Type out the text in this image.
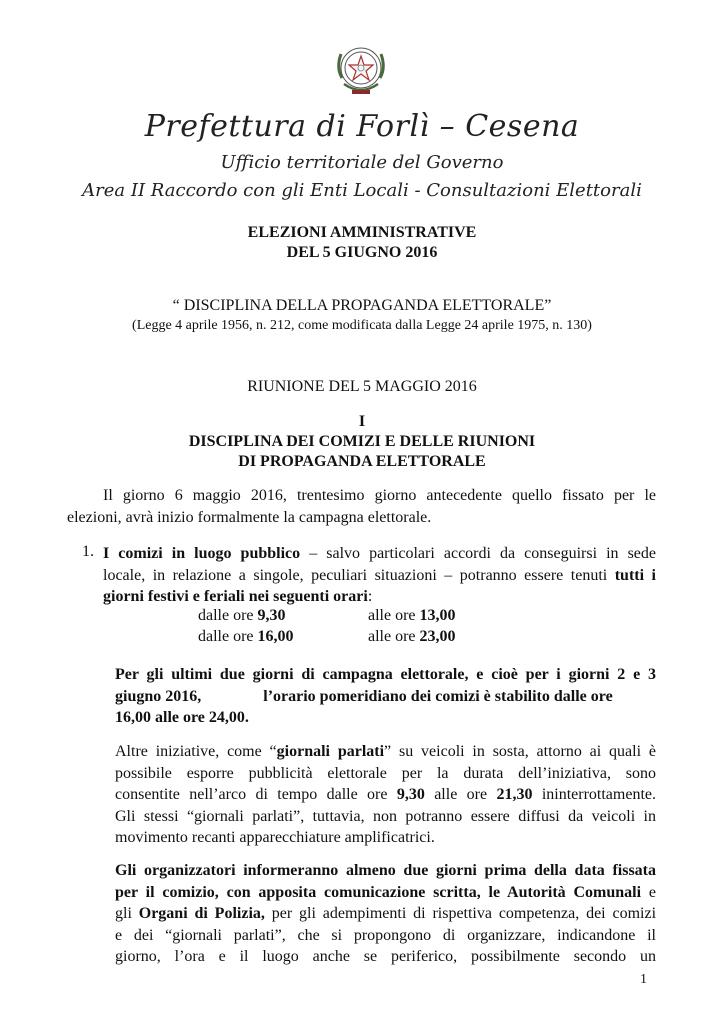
Prefettura di Forlì – Cesena
Ufficio territoriale del Governo
Area II Raccordo con gli Enti Locali - Consultazioni Elettorali
ELEZIONI AMMINISTRATIVE
DEL 5 GIUGNO 2016
“ DISCIPLINA DELLA PROPAGANDA ELETTORALE”
(Legge 4 aprile 1956, n. 212, come modificata dalla Legge 24 aprile 1975, n. 130)
RIUNIONE DEL 5 MAGGIO 2016
I
DISCIPLINA DEI COMIZI E DELLE RIUNIONI
DI PROPAGANDA ELETTORALE
Il giorno 6 maggio 2016, trentesimo giorno antecedente quello fissato per le
elezioni, avrà inizio formalmente la campagna elettorale.
1. I comizi in luogo pubblico – salvo particolari accordi da conseguirsi in sede
locale, in relazione a singole, peculiari situazioni – potranno essere tenuti tutti i
giorni festivi e feriali nei seguenti orari:
dalle ore 9,30	alle ore 13,00
dalle ore 16,00	alle ore 23,00
Per gli ultimi due giorni di campagna elettorale, e cioè per i giorni 2 e 3
giugno 2016,	l’orario pomeridiano dei comizi è stabilito dalle ore
16,00 alle ore 24,00.
Altre iniziative, come “giornali parlati” su veicoli in sosta, attorno ai quali è
possibile esporre pubblicità elettorale per la durata dell’iniziativa, sono
consentite nell’arco di tempo dalle ore 9,30 alle ore 21,30 ininterrottamente.
Gli stessi “giornali parlati”, tuttavia, non potranno essere diffusi da veicoli in
movimento recanti apparecchiature amplificatrici.
Gli organizzatori informeranno almeno due giorni prima della data fissata
per il comizio, con apposita comunicazione scritta, le Autorità Comunali e
gli Organi di Polizia, per gli adempimenti di rispettiva competenza, dei comizi
e dei “giornali parlati”, che si propongono di organizzare, indicandone il
giorno, l’ora e il luogo anche se periferico, possibilmente secondo un
1
